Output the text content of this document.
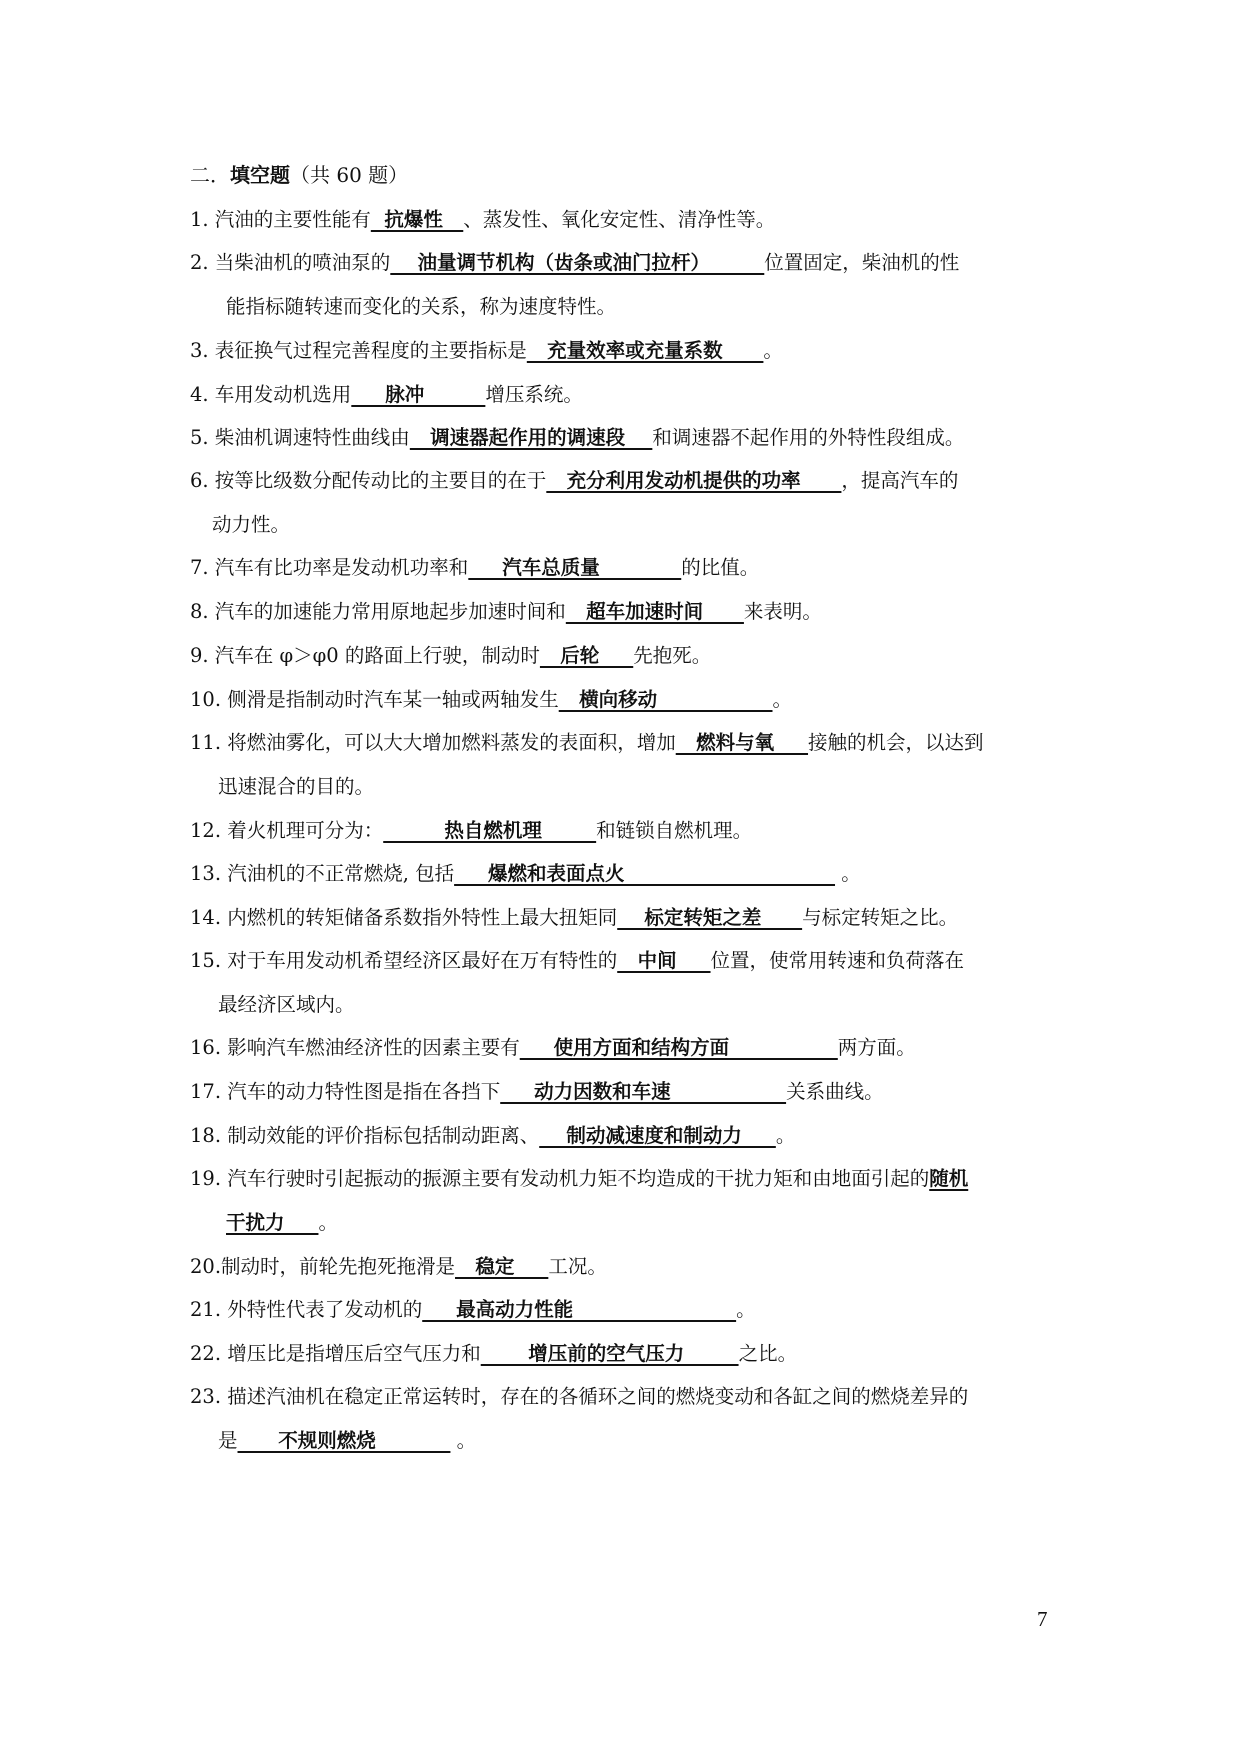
二．填空题（共 60 题）
1. 汽油的主要性能有  抗爆性   、蒸发性、氧化安定性、清净性等。
2. 当柴油机的喷油泵的    油量调节机构（齿条或油门拉杆）        位置固定，柴油机的性
能指标随转速而变化的关系，称为速度特性。
3. 表征换气过程完善程度的主要指标是   充量效率或充量系数      。
4. 车用发动机选用     脉冲         增压系统。
5. 柴油机调速特性曲线由   调速器起作用的调速段    和调速器不起作用的外特性段组成。
6. 按等比级数分配传动比的主要目的在于   充分利用发动机提供的功率      ，提高汽车的
动力性。
7. 汽车有比功率是发动机功率和     汽车总质量            的比值。
8. 汽车的加速能力常用原地起步加速时间和   超车加速时间      来表明。
9. 汽车在 φ＞φ0 的路面上行驶，制动时   后轮     先抱死。
10. 侧滑是指制动时汽车某一轴或两轴发生   横向移动                 。
11. 将燃油雾化，可以大大增加燃料蒸发的表面积，增加   燃料与氧     接触的机会，以达到
迅速混合的目的。
12. 着火机理可分为：         热自燃机理        和链锁自燃机理。
13. 汽油机的不正常燃烧, 包括     爆燃和表面点火                                。
14. 内燃机的转矩储备系数指外特性上最大扭矩同    标定转矩之差      与标定转矩之比。
15. 对于车用发动机希望经济区最好在万有特性的   中间     位置，使常用转速和负荷落在
最经济区域内。
16. 影响汽车燃油经济性的因素主要有     使用方面和结构方面                两方面。
17. 汽车的动力特性图是指在各挡下     动力因数和车速                 关系曲线。
18. 制动效能的评价指标包括制动距离、    制动减速度和制动力     。
19. 汽车行驶时引起振动的振源主要有发动机力矩不均造成的干扰力矩和由地面引起的随机
干扰力     。
20.制动时，前轮先抱死拖滑是   稳定     工况。
21. 外特性代表了发动机的     最高动力性能                        。
22. 增压比是指增压后空气压力和       增压前的空气压力        之比。
23. 描述汽油机在稳定正常运转时，存在的各循环之间的燃烧变动和各缸之间的燃烧差异的
是      不规则燃烧            。
7
